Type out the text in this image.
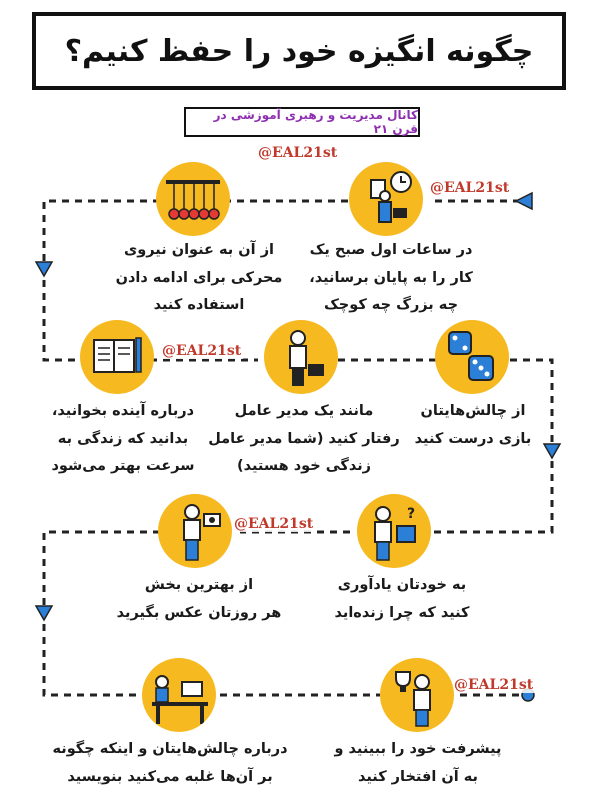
چگونه انگیزه خود را حفظ کنیم؟
کانال مدیریت و رهبری آموزشی در قرن ۲۱
@EAL21st
@EAL21st
@EAL21st
@EAL21st
@EAL21st
در ساعات اول صبح یک
کار را به پایان برسانید،
چه بزرگ چه کوچک
از آن به عنوان نیروی
محرکی برای ادامه دادن
استفاده کنید
از چالش‌هایتان
بازی درست کنید
مانند یک مدیر عامل
رفتار کنید (شما مدیر عامل
زندگی خود هستید)
درباره آینده بخوانید،
بدانید که زندگی به
سرعت بهتر می‌شود
?
به خودتان یادآوری
کنید که چرا زنده‌اید
از بهترین بخش
هر روزتان عکس بگیرید
پیشرفت خود را ببینید و
به آن افتخار کنید
درباره چالش‌هایتان و اینکه چگونه
بر آن‌ها غلبه می‌کنید بنویسید
